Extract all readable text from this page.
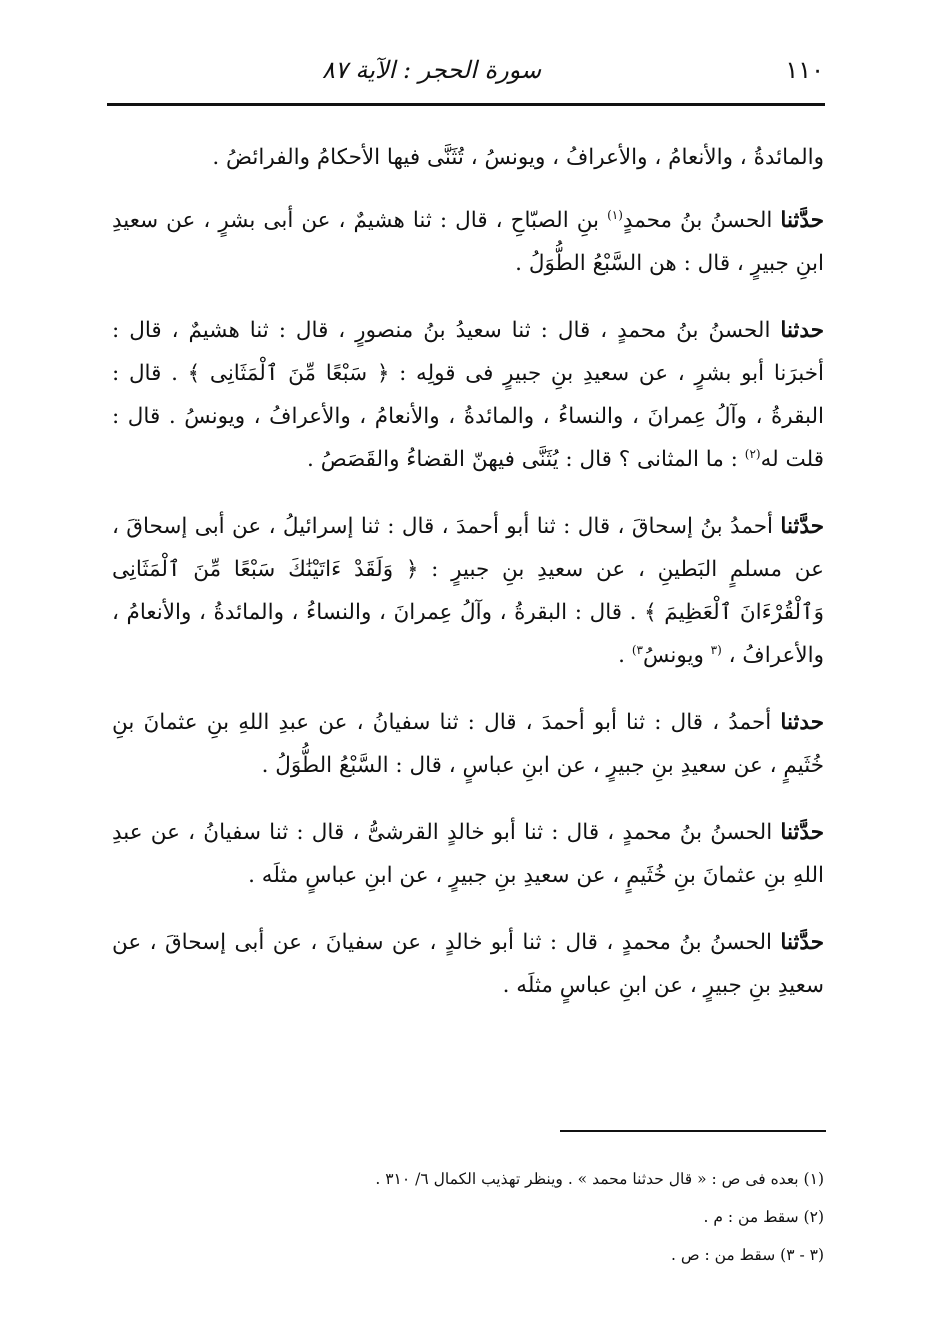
١١٠
سورة الحجر : الآية ٨٧

والمائدةُ ، والأنعامُ ، والأعرافُ ، ويونسُ ، تُثَنَّى فيها الأحكامُ والفرائضُ .

حدَّثنا الحسنُ بنُ محمدٍ$^{(١)}$ بنِ الصبّاحِ ، قال : ثنا هشيمٌ ، عن أبى بشرٍ ، عن سعيدِ ابنِ جبيرٍ ، قال : هن السَّبْعُ الطُّوَلُ .

حدثنا الحسنُ بنُ محمدٍ ، قال : ثنا سعيدُ بنُ منصورٍ ، قال : ثنا هشيمٌ ، قال : أخبرَنا أبو بشرٍ ، عن سعيدِ بنِ جبيرٍ فى قولِه : ﴿ سَبْعًا مِّنَ ٱلْمَثَانِى ﴾ . قال : البقرةُ ، وآلُ عِمرانَ ، والنساءُ ، والمائدةُ ، والأنعامُ ، والأعرافُ ، ويونسُ . قال : قلت له$^{(٢)}$ : ما المثانى ؟ قال : يُثَنَّى فيهنّ القضاءُ والقَصَصُ .

حدَّثنا أحمدُ بنُ إسحاقَ ، قال : ثنا أبو أحمدَ ، قال : ثنا إسرائيلُ ، عن أبى إسحاقَ ، عن مسلمٍ البَطينِ ، عن سعيدِ بنِ جبيرٍ : ﴿ وَلَقَدْ ءَاتَيْنَٰكَ سَبْعًا مِّنَ ٱلْمَثَانِى وَٱلْقُرْءَانَ ٱلْعَظِيمَ ﴾ . قال : البقرةُ ، وآلُ عِمرانَ ، والنساءُ ، والمائدةُ ، والأنعامُ ، والأعرافُ ، $^{(٣}$ ويونسُ$^{٣)}$ .

حدثنا أحمدُ ، قال : ثنا أبو أحمدَ ، قال : ثنا سفيانُ ، عن عبدِ اللهِ بنِ عثمانَ بنِ خُثَيمٍ ، عن سعيدِ بنِ جبيرٍ ، عن ابنِ عباسٍ ، قال : السَّبْعُ الطُّوَلُ .

حدَّثنا الحسنُ بنُ محمدٍ ، قال : ثنا أبو خالدٍ القرشىُّ ، قال : ثنا سفيانُ ، عن عبدِ اللهِ بنِ عثمانَ بنِ خُثَيمٍ ، عن سعيدِ بنِ جبيرٍ ، عن ابنِ عباسٍ مثلَه .

حدَّثنا الحسنُ بنُ محمدٍ ، قال : ثنا أبو خالدٍ ، عن سفيانَ ، عن أبى إسحاقَ ، عن سعيدِ بنِ جبيرٍ ، عن ابنِ عباسٍ مثلَه .

(١) بعده فى ص : « قال حدثنا محمد » . وينظر تهذيب الكمال ٦/ ٣١٠ .

(٢) سقط من : م .

(٣ - ٣) سقط من : ص .
